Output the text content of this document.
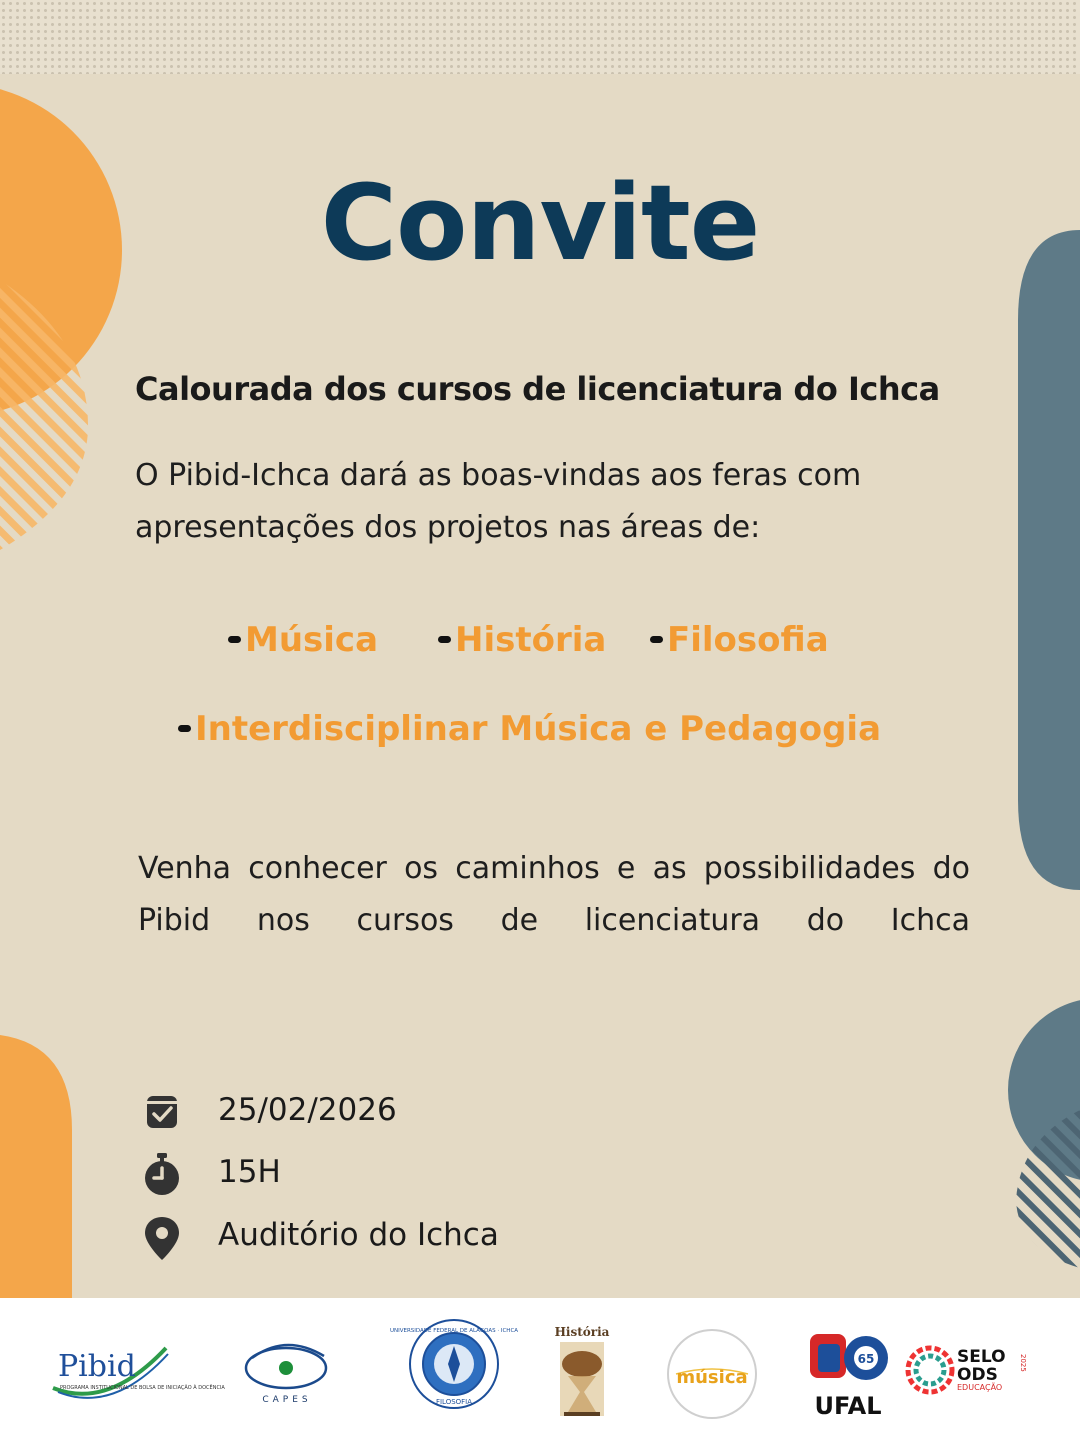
Convite
Calourada dos cursos de licenciatura do Ichca
O Pibid-Ichca dará as boas-vindas aos feras com apresentações dos projetos nas áreas de:
Música	História	Filosofia
Interdisciplinar Música e Pedagogia
Venha conhecer os caminhos e as possibilidades do Pibid nos cursos de licenciatura do Ichca
25/02/2026
15H
Auditório do Ichca
Pibid
PROGRAMA INSTITUCIONAL DE BOLSA DE INICIAÇÃO À DOCÊNCIA
CAPES
UNIVERSIDADE FEDERAL DE ALAGOAS · ICHCA
FILOSOFIA
História
música
65
UFAL
SELO
ODS
EDUCAÇÃO
2025
